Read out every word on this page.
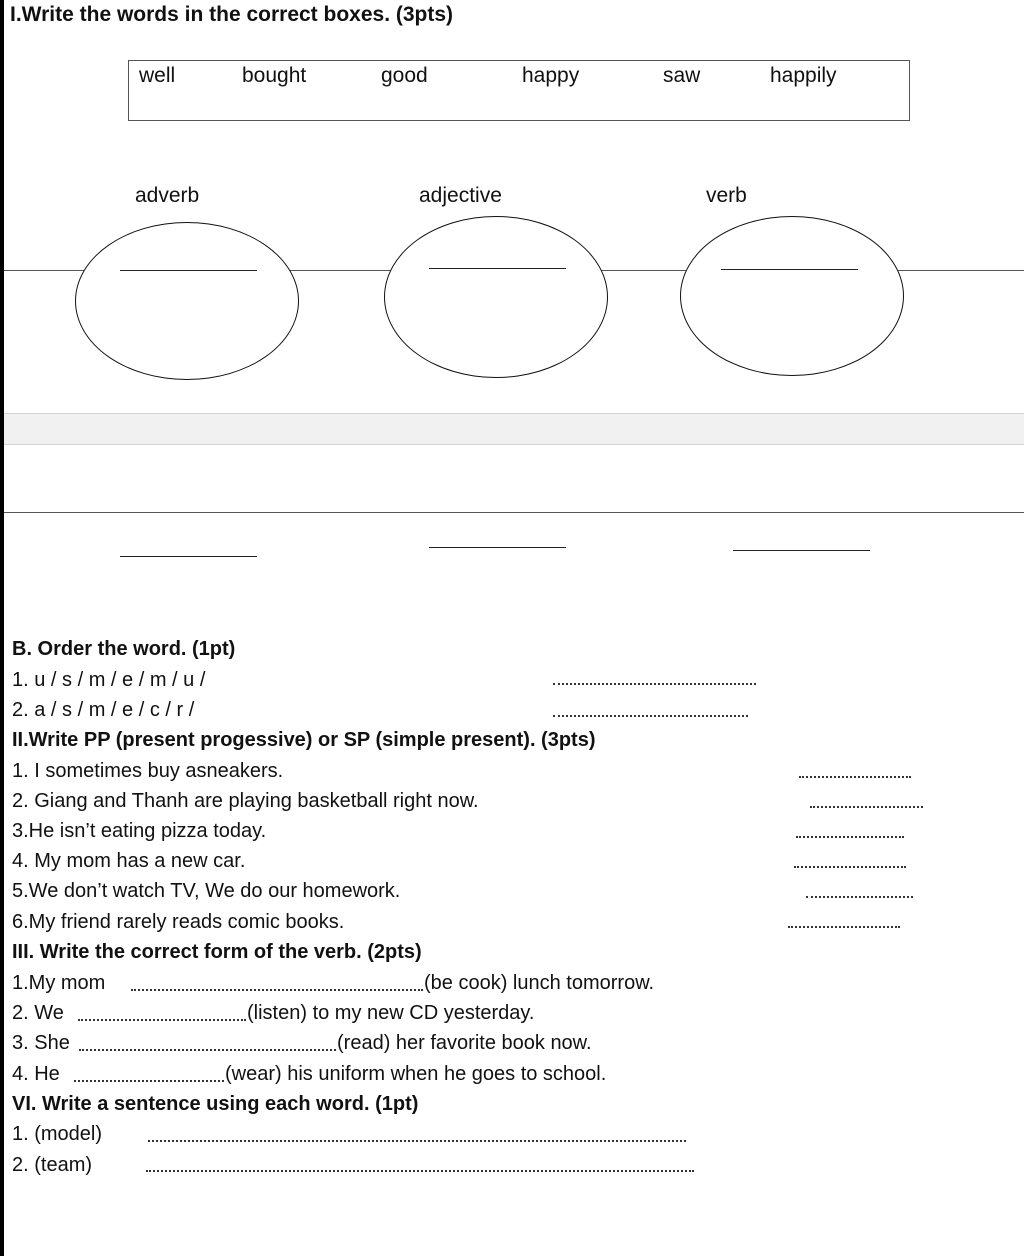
I.Write the words in the correct boxes. (3pts)
well	bought	good	happy	saw	happily
adverb	adjective	verb
B. Order the word. (1pt)
1. u / s / m / e / m / u /
2. a / s / m / e / c / r /
II.Write PP (present progessive) or SP (simple present). (3pts)
1. I sometimes buy asneakers.
2. Giang and Thanh are playing basketball right now.
3.He isn’t eating pizza today.
4. My mom has a new car.
5.We don’t watch TV, We do our homework.
6.My friend rarely reads comic books.
III. Write the correct form of the verb. (2pts)
1.My mom	(be cook) lunch tomorrow.
2. We	(listen) to my new CD yesterday.
3. She	(read) her favorite book now.
4. He	(wear) his uniform when he goes to school.
VI. Write a sentence using each word. (1pt)
1. (model)
2. (team)
